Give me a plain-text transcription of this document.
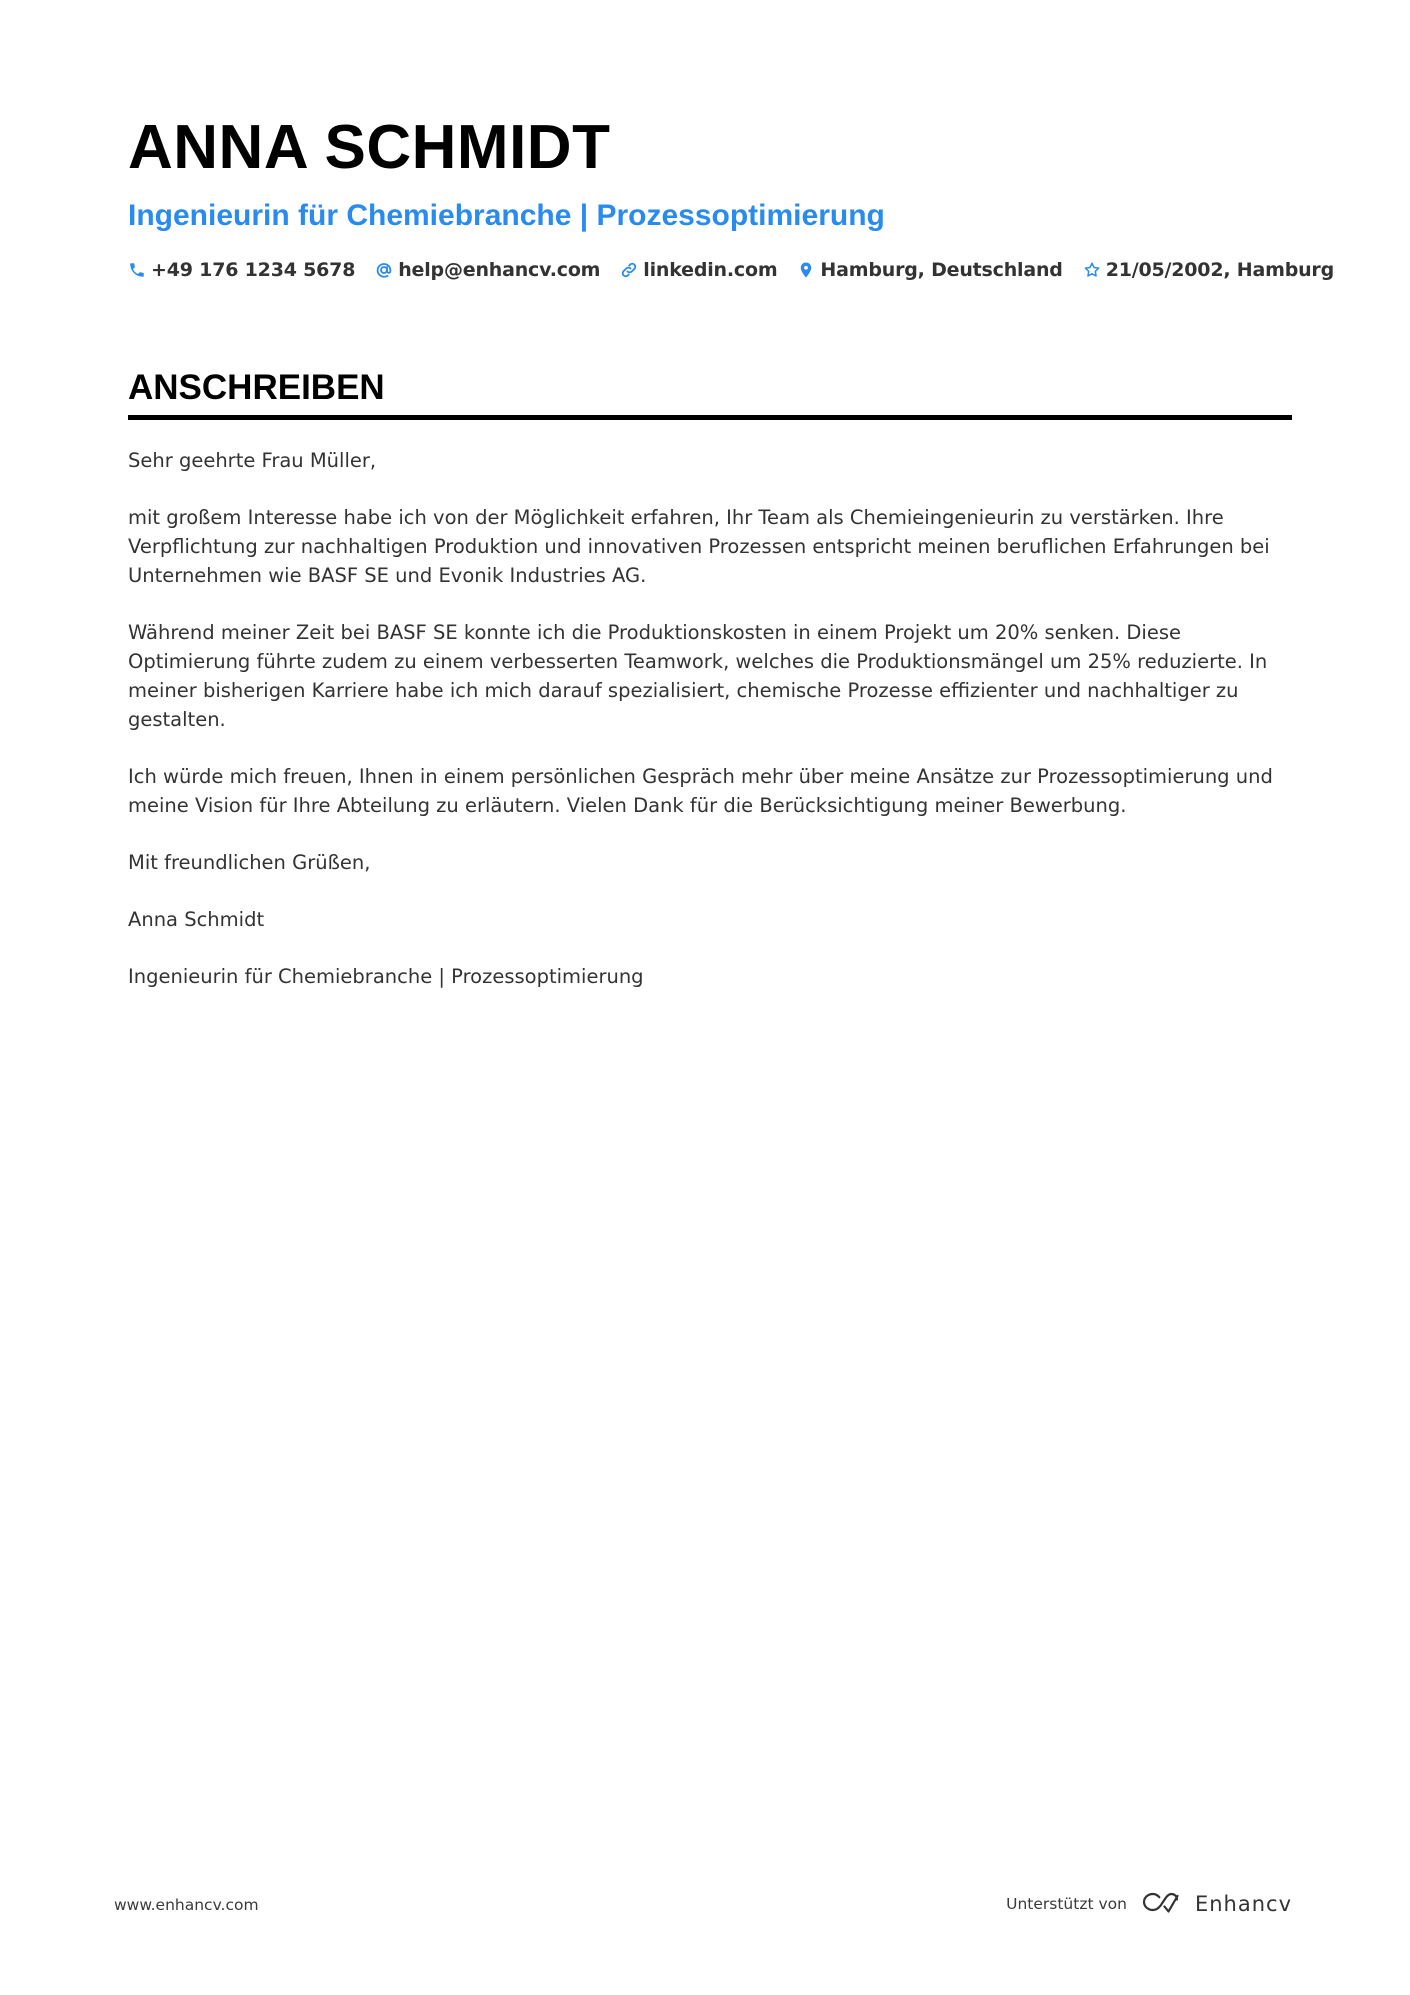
ANNA SCHMIDT
Ingenieurin für Chemiebranche | Prozessoptimierung
+49 176 1234 5678 help@enhancv.com linkedin.com Hamburg, Deutschland 21/05/2002, Hamburg
ANSCHREIBEN

Sehr geehrte Frau Müller,

mit großem Interesse habe ich von der Möglichkeit erfahren, Ihr Team als Chemieingenieurin zu verstärken. Ihre Verpflichtung zur nachhaltigen Produktion und innovativen Prozessen entspricht meinen beruflichen Erfahrungen bei Unternehmen wie BASF SE und Evonik Industries AG.

Während meiner Zeit bei BASF SE konnte ich die Produktionskosten in einem Projekt um 20% senken. Diese Optimierung führte zudem zu einem verbesserten Teamwork, welches die Produktionsmängel um 25% reduzierte. In meiner bisherigen Karriere habe ich mich darauf spezialisiert, chemische Prozesse effizienter und nachhaltiger zu gestalten.

Ich würde mich freuen, Ihnen in einem persönlichen Gespräch mehr über meine Ansätze zur Prozessoptimierung und meine Vision für Ihre Abteilung zu erläutern. Vielen Dank für die Berücksichtigung meiner Bewerbung.

Mit freundlichen Grüßen,

Anna Schmidt

Ingenieurin für Chemiebranche | Prozessoptimierung

www.enhancv.com	Unterstützt von	Enhancv
